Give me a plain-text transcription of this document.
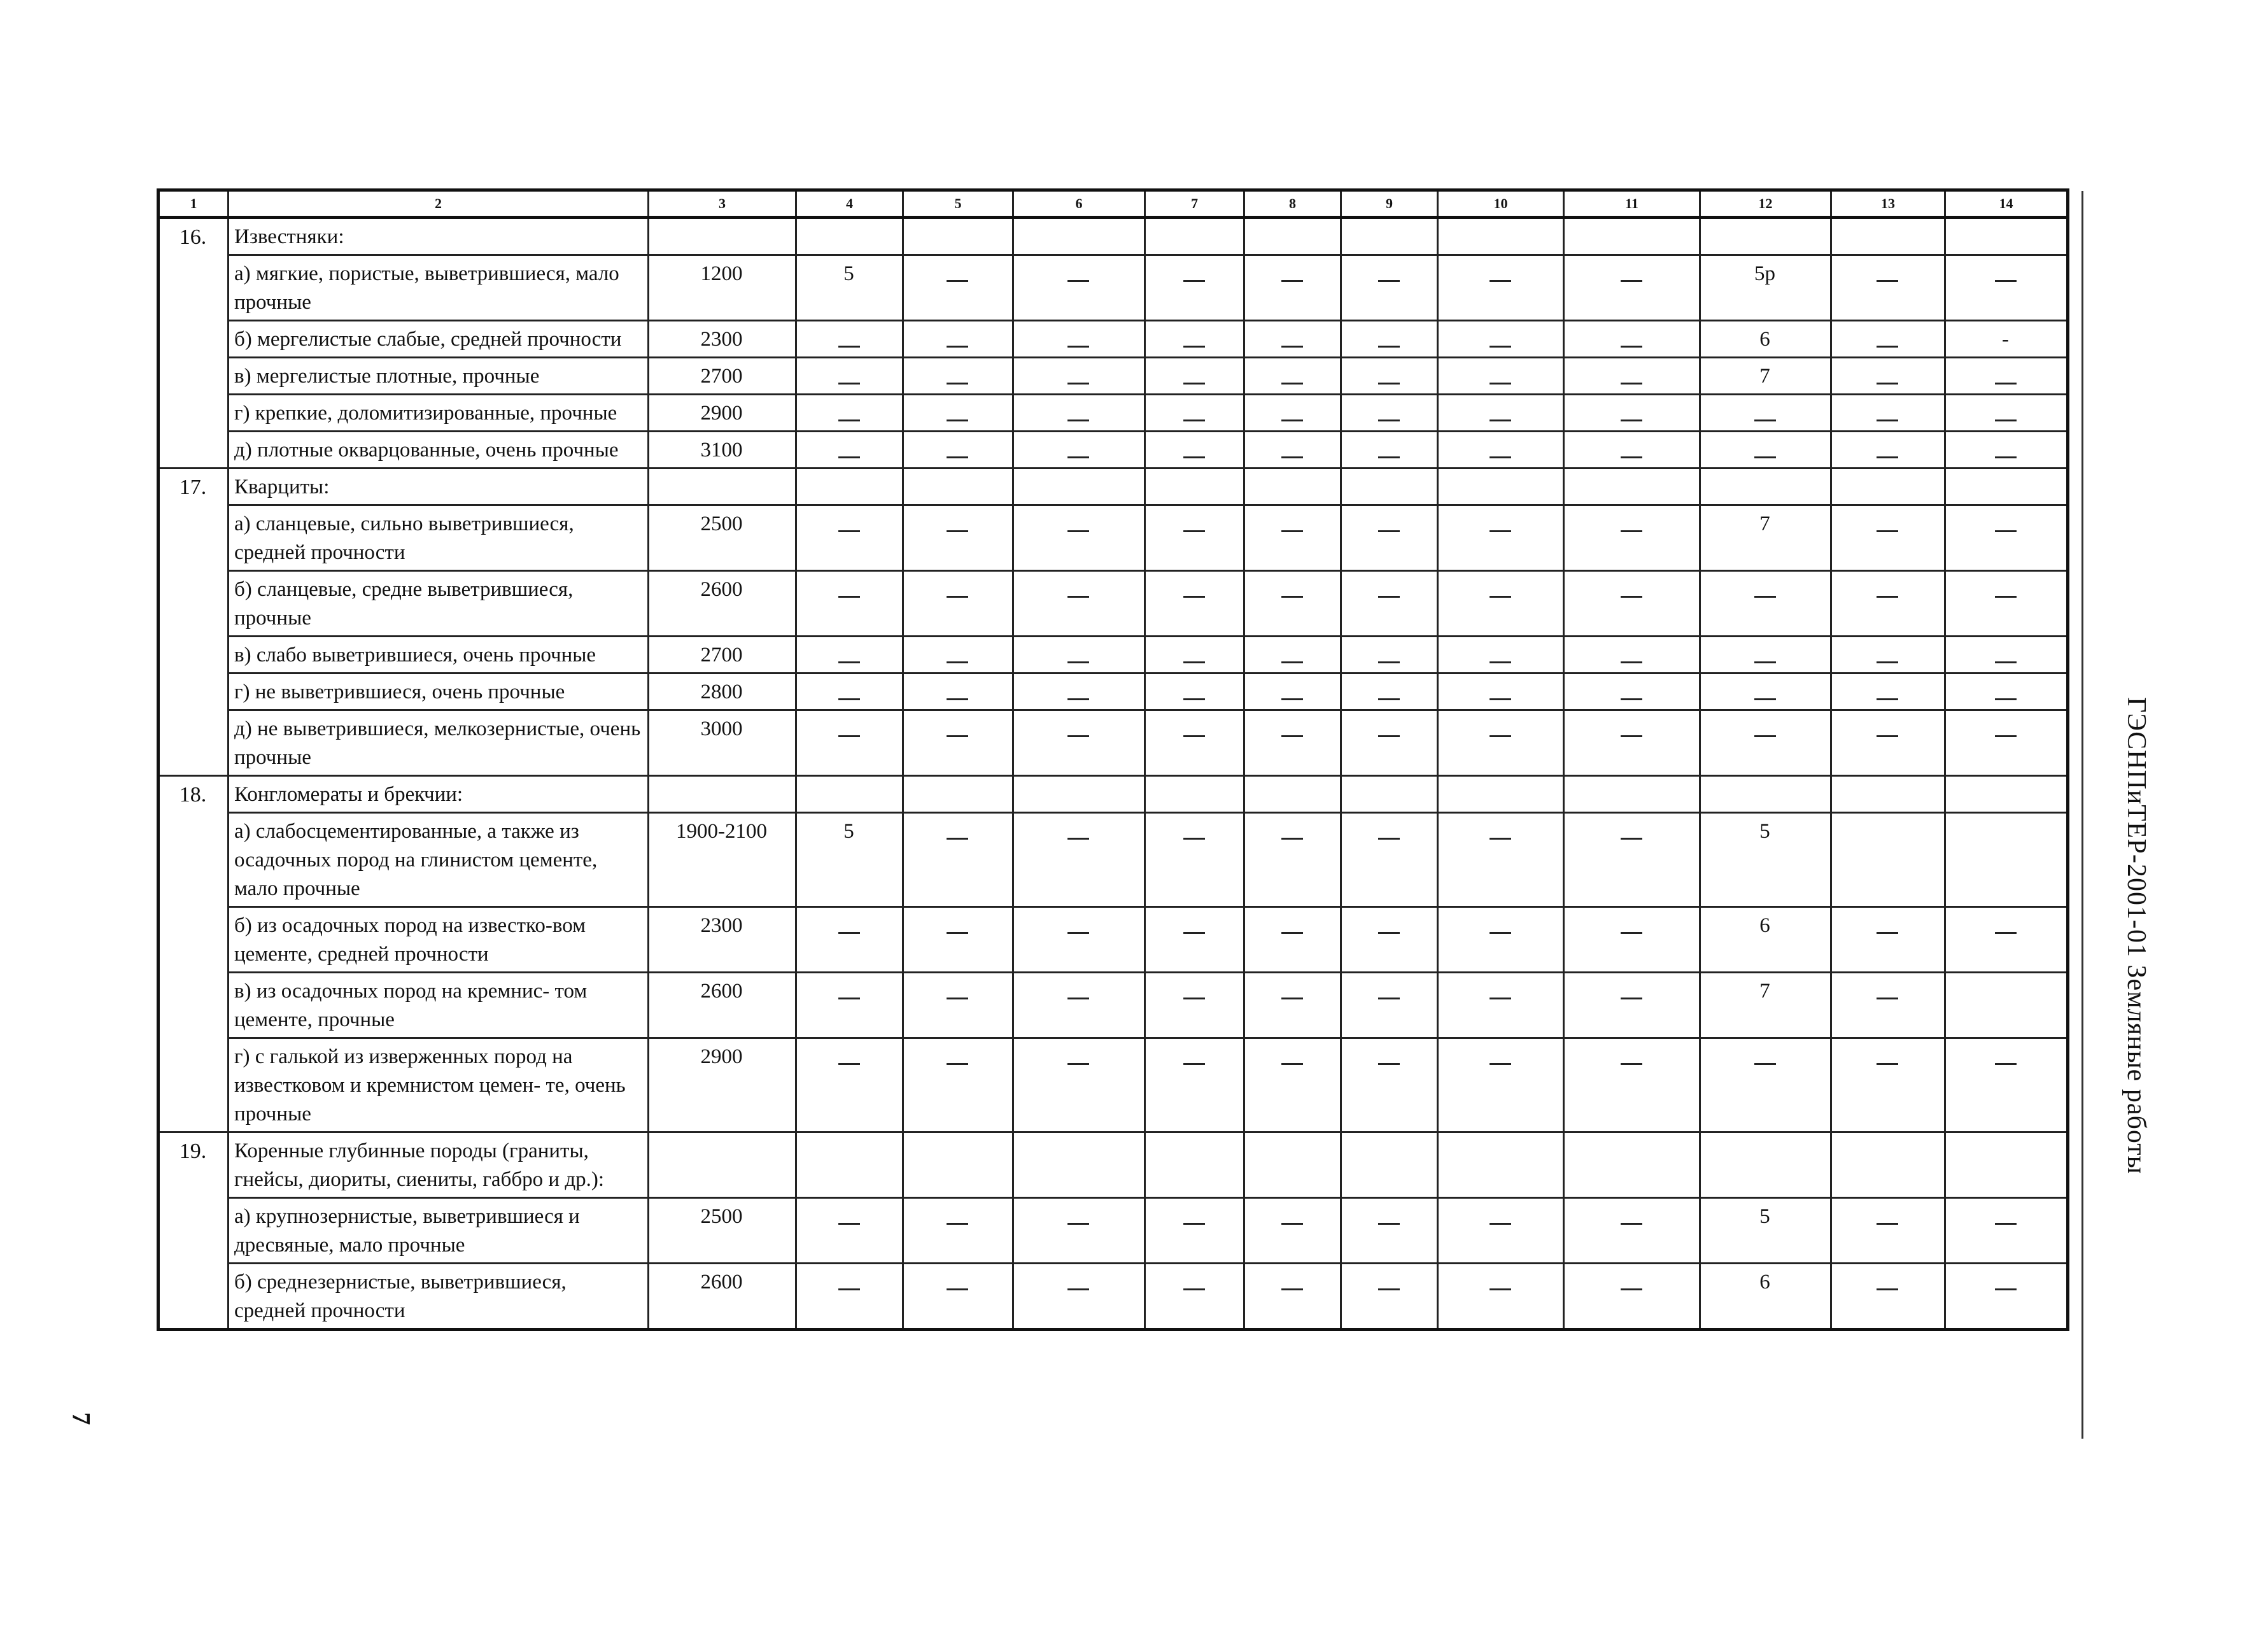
1	2	3	4	5	6	7	8	9	10	11	12	13	14
16.	Известняки:												
	а) мягкие, пористые, выветрившиеся, мало прочные	1200	5								5р		
	б) мергелистые слабые, средней прочности	2300									6		-
	в) мергелистые плотные, прочные	2700									7		
	г) крепкие, доломитизированные, прочные	2900											
	д) плотные окварцованные, очень прочные	3100											
17.	Кварциты:												
	а) сланцевые, сильно выветрившиеся, средней прочности	2500									7		
	б) сланцевые, средне выветрившиеся, прочные	2600											
	в) слабо выветрившиеся, очень прочные	2700											
	г) не выветрившиеся, очень прочные	2800											
	д) не выветрившиеся, мелкозернистые, очень прочные	3000											
18.	Конгломераты и брекчии:												
	а) слабосцементированные, а также из осадочных пород на глинистом цементе, мало прочные	1900-2100	5								5		
	б) из осадочных пород на известко-вом цементе, средней прочности	2300									6		
	в) из осадочных пород на кремнис- том цементе, прочные	2600									7		
	г) с галькой из изверженных пород на известковом и кремнистом цемен- те, очень прочные	2900											
19.	Коренные глубинные породы (граниты, гнейсы, диориты, сиениты, габбро и др.):												
	а) крупнозернистые, выветрившиеся и дресвяные, мало прочные	2500									5		
	б) среднезернистые, выветрившиеся, средней прочности	2600									6		
ГЭСНПиТЕР-2001-01 Земляные работы
7
